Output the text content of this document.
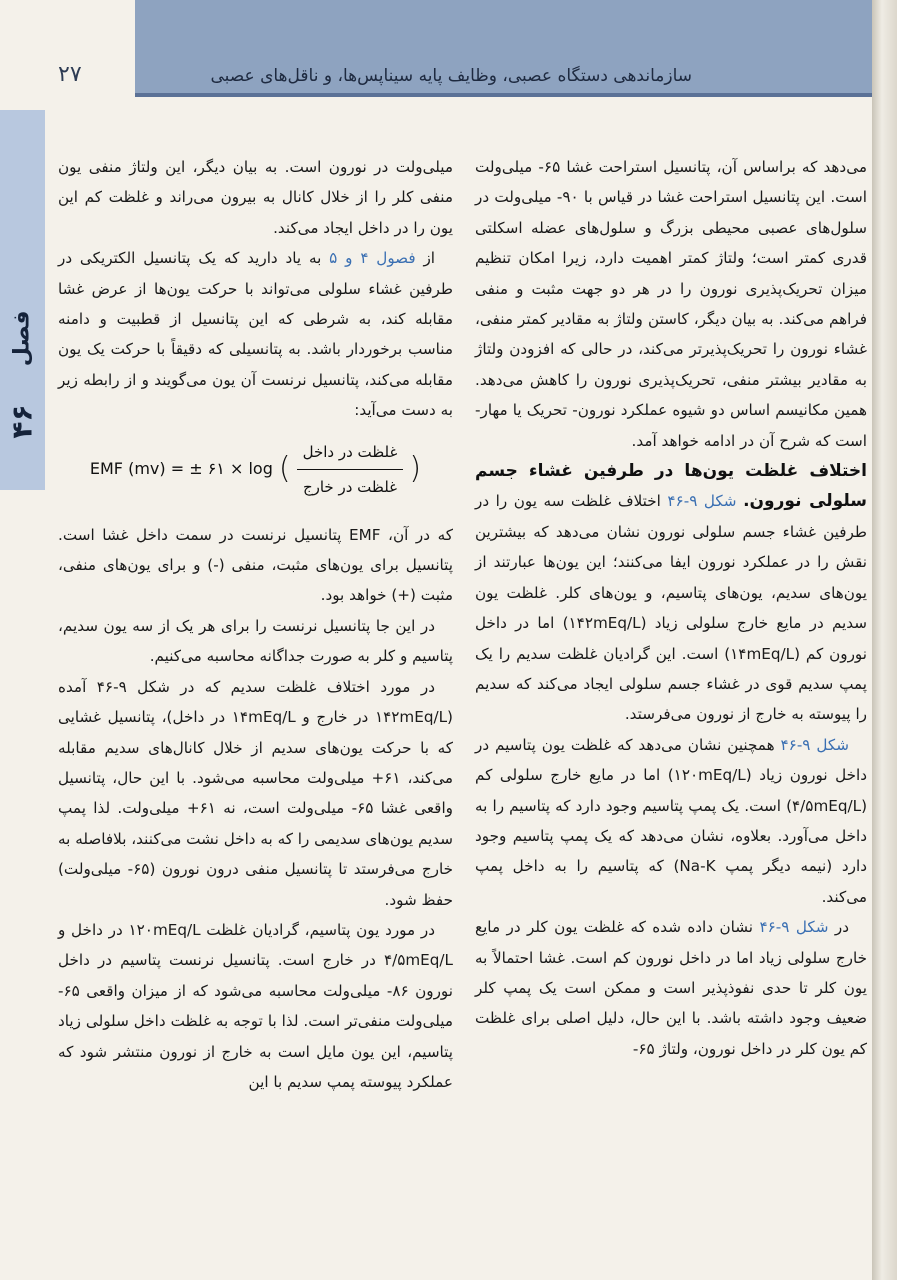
۲۷	سازماندهی دستگاه عصبی، وظایف پایه سیناپس‌ها، و ناقل‌های عصبی
فصل
۴۶

می‌دهد که براساس آن، پتانسیل استراحت غشا ۶۵- میلی‌ولت است. این پتانسیل استراحت غشا در قیاس با ۹۰- میلی‌ولت در سلول‌های عصبی محیطی بزرگ و سلول‌های عضله اسکلتی قدری کمتر است؛ ولتاژ کمتر اهمیت دارد، زیرا امکان تنظیم میزان تحریک‌پذیری نورون را در هر دو جهت مثبت و منفی فراهم می‌کند. به بیان دیگر، کاستن ولتاژ به مقادیر کمتر منفی، غشاء نورون را تحریک‌پذیرتر می‌کند، در حالی که افزودن ولتاژ به مقادیر بیشتر منفی، تحریک‌پذیری نورون را کاهش می‌دهد. همین مکانیسم اساس دو شیوه عملکرد نورون- تحریک یا مهار- است که شرح آن در ادامه خواهد آمد.

اختلاف غلظت یون‌ها در طرفین غشاء جسم سلولی نورون. شکل ۹-۴۶ اختلاف غلظت سه یون را در طرفین غشاء جسم سلولی نورون نشان می‌دهد که بیشترین نقش را در عملکرد نورون ایفا می‌کنند؛ این یون‌ها عبارتند از یون‌های سدیم، یون‌های پتاسیم، و یون‌های کلر. غلظت یون سدیم در مایع خارج سلولی زیاد (۱۴۲mEq/L) اما در داخل نورون کم (۱۴mEq/L) است. این گرادیان غلظت سدیم را یک پمپ سدیم قوی در غشاء جسم سلولی ایجاد می‌کند که سدیم را پیوسته به خارج از نورون می‌فرستد.

شکل ۹-۴۶ همچنین نشان می‌دهد که غلظت یون پتاسیم در داخل نورون زیاد (۱۲۰mEq/L) اما در مایع خارج سلولی کم (۴/۵mEq/L) است. یک پمپ پتاسیم وجود دارد که پتاسیم را به داخل می‌آورد. بعلاوه، نشان می‌دهد که یک پمپ پتاسیم وجود دارد (نیمه دیگر پمپ Na-K) که پتاسیم را به داخل پمپ می‌کند.

در شکل ۹-۴۶ نشان داده شده که غلظت یون کلر در مایع خارج سلولی زیاد اما در داخل نورون کم است. غشا احتمالاً به یون کلر تا حدی نفوذپذیر است و ممکن است یک پمپ کلر ضعیف وجود داشته باشد. با این حال، دلیل اصلی برای غلظت کم یون کلر در داخل نورون، ولتاژ ۶۵-

میلی‌ولت در نورون است. به بیان دیگر، این ولتاژ منفی یون منفی کلر را از خلال کانال به بیرون می‌راند و غلظت کم این یون را در داخل ایجاد می‌کند.

از فصول ۴ و ۵ به یاد دارید که یک پتانسیل الکتریکی در طرفین غشاء سلولی می‌تواند با حرکت یون‌ها از عرض غشا مقابله کند، به شرطی که این پتانسیل از قطبیت و دامنه مناسب برخوردار باشد. به پتانسیلی که دقیقاً با حرکت یک یون مقابله می‌کند، پتانسیل نرنست آن یون می‌گویند و از رابطه زیر به دست می‌آید:

EMF (mv) = ± ۶۱ × log ( $\frac{\text{غلظت در داخل}}{\text{غلظت در خارج}}$ )

که در آن، EMF پتانسیل نرنست در سمت داخل غشا است. پتانسیل برای یون‌های مثبت، منفی (-) و برای یون‌های منفی، مثبت (+) خواهد بود.

در این جا پتانسیل نرنست را برای هر یک از سه یون سدیم، پتاسیم و کلر به صورت جداگانه محاسبه می‌کنیم.

در مورد اختلاف غلظت سدیم که در شکل ۹-۴۶ آمده (۱۴۲mEq/L در خارج و ۱۴mEq/L در داخل)، پتانسیل غشایی که با حرکت یون‌های سدیم از خلال کانال‌های سدیم مقابله می‌کند، ۶۱+ میلی‌ولت محاسبه می‌شود. با این حال، پتانسیل واقعی غشا ۶۵- میلی‌ولت است، نه ۶۱+ میلی‌ولت. لذا پمپ سدیم یون‌های سدیمی را که به داخل نشت می‌کنند، بلافاصله به خارج می‌فرستد تا پتانسیل منفی درون نورون (۶۵- میلی‌ولت) حفظ شود.

در مورد یون پتاسیم، گرادیان غلظت ۱۲۰mEq/L در داخل و ۴/۵mEq/L در خارج است. پتانسیل نرنست پتاسیم در داخل نورون ۸۶- میلی‌ولت محاسبه می‌شود که از میزان واقعی ۶۵- میلی‌ولت منفی‌تر است. لذا با توجه به غلظت داخل سلولی زیاد پتاسیم، این یون مایل است به خارج از نورون منتشر شود که عملکرد پیوسته پمپ سدیم با این
